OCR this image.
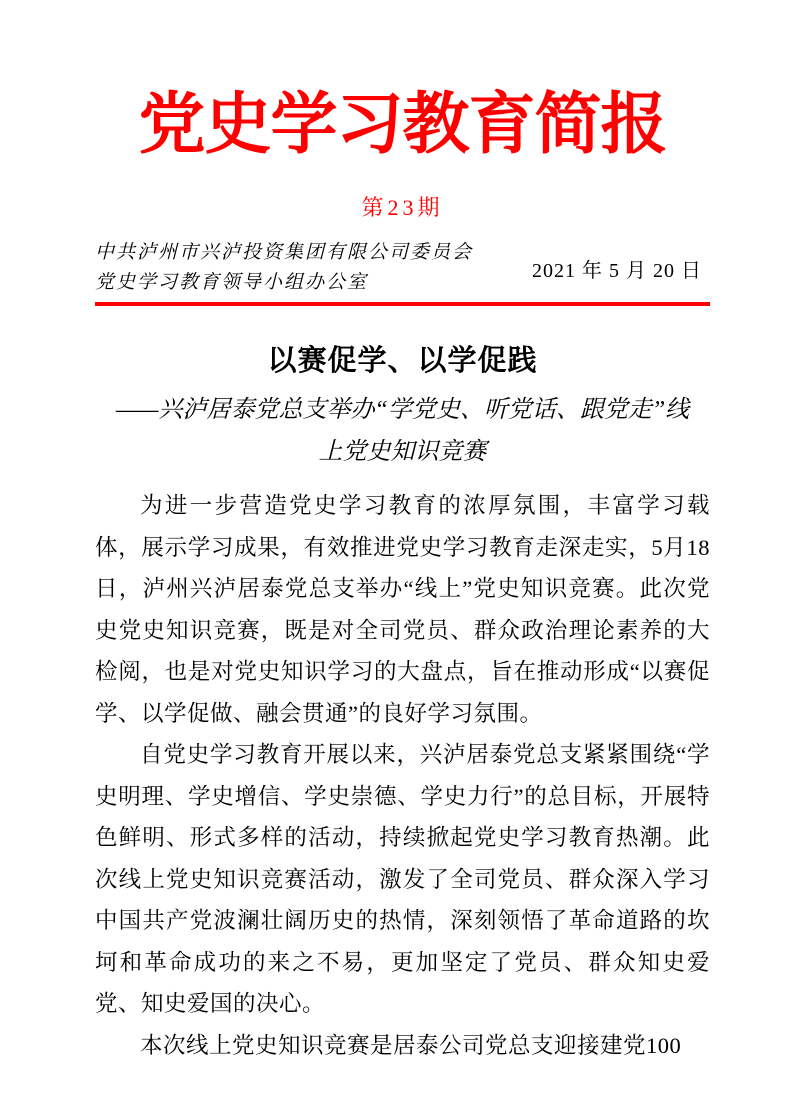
党史学习教育简报
第23期
中共泸州市兴泸投资集团有限公司委员会
党史学习教育领导小组办公室
2021 年 5 月 20 日
以赛促学、以学促践
——兴泸居泰党总支举办“学党史、听党话、跟党走”线
上党史知识竞赛

为进一步营造党史学习教育的浓厚氛围，丰富学习载体，展示学习成果，有效推进党史学习教育走深走实，5月18日，泸州兴泸居泰党总支举办“线上”党史知识竞赛。此次党史党史知识竞赛，既是对全司党员、群众政治理论素养的大检阅，也是对党史知识学习的大盘点，旨在推动形成“以赛促学、以学促做、融会贯通”的良好学习氛围。

自党史学习教育开展以来，兴泸居泰党总支紧紧围绕“学史明理、学史增信、学史崇德、学史力行”的总目标，开展特色鲜明、形式多样的活动，持续掀起党史学习教育热潮。此次线上党史知识竞赛活动，激发了全司党员、群众深入学习中国共产党波澜壮阔历史的热情，深刻领悟了革命道路的坎坷和革命成功的来之不易，更加坚定了党员、群众知史爱党、知史爱国的决心。

本次线上党史知识竞赛是居泰公司党总支迎接建党100
